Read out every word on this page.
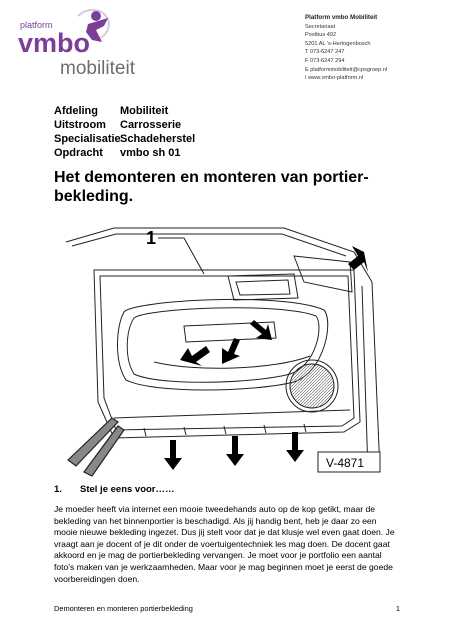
platform
vmbo
mobiliteit
Platform vmbo Mobiliteit
Secretariaat
Postbus 492
5201 AL 's-Hertogenbosch
T 073-6247 247
F 073-6247 294
E platformmobiliteit@cpsgroep.nl
I www.vmbo-platform.nl
Afdeling	Mobiliteit
Uitstroom	Carrosserie
Specialisatie Schadeherstel
Opdracht	vmbo sh 01
Het demonteren en monteren van portier-bekleding.
1
V-4871
1.	Stel je eens voor……

Je moeder heeft via internet een mooie tweedehands auto op de kop getikt, maar de bekleding van het binnenportier is beschadigd. Als jij handig bent, heb je daar zo een mooie nieuwe bekleding ingezet. Dus jij stelt voor dat je dat klusje wel even gaat doen. Je vraagt aan je docent of je dit onder de voertuigentechniek les mag doen. De docent gaat akkoord en je mag de portierbekleding vervangen. Je moet voor je portfolio een aantal foto's maken van je werkzaamheden. Maar voor je mag beginnen moet je eerst de goede voorbereidingen doen.

Demonteren en monteren portierbekleding	1
